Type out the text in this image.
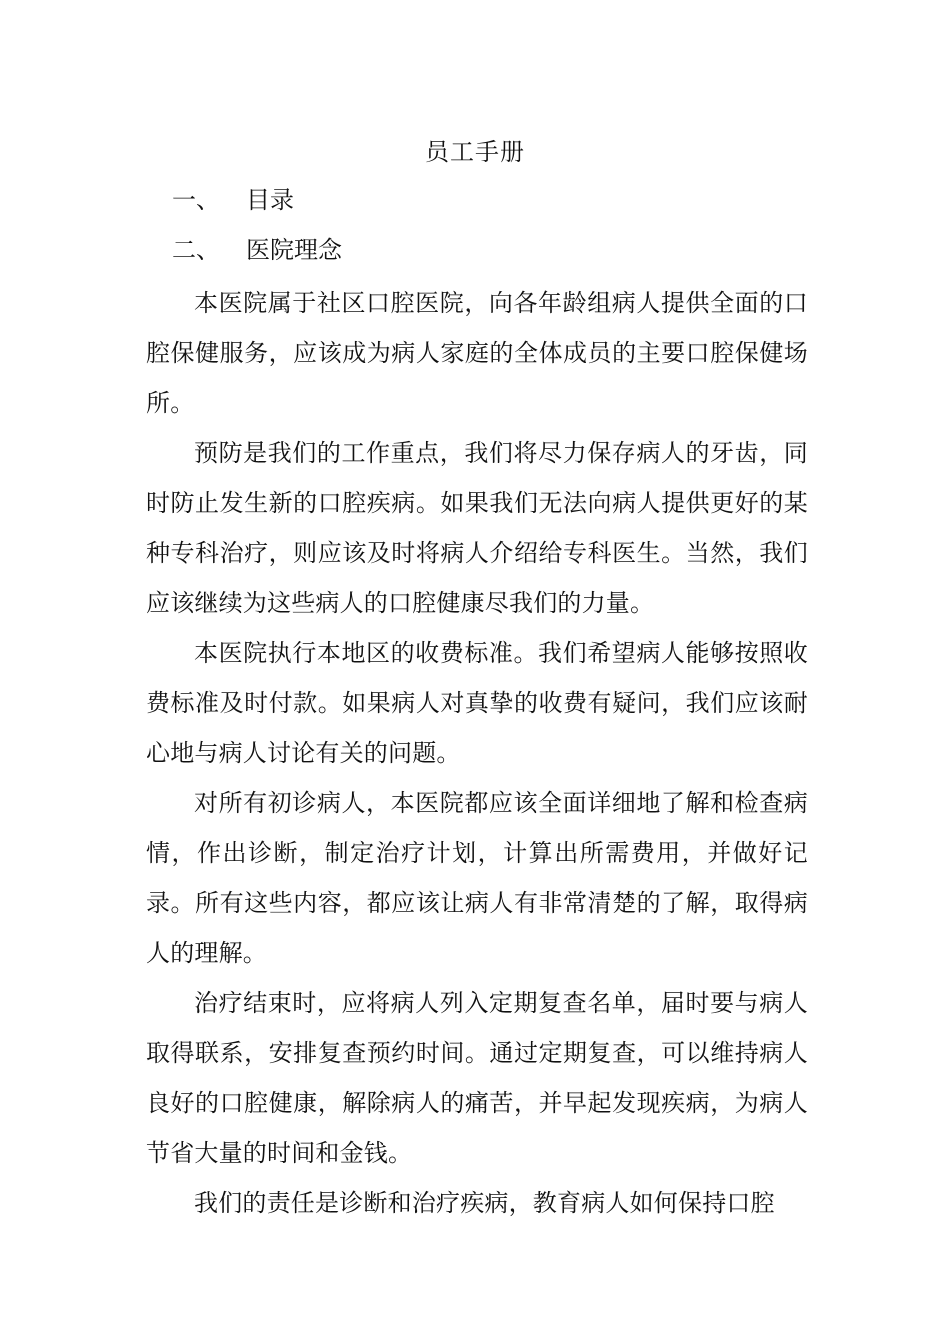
员工手册
一、 目录
二、 医院理念

本医院属于社区口腔医院，向各年龄组病人提供全面的口腔保健服务，应该成为病人家庭的全体成员的主要口腔保健场所。

预防是我们的工作重点，我们将尽力保存病人的牙齿，同时防止发生新的口腔疾病。如果我们无法向病人提供更好的某种专科治疗，则应该及时将病人介绍给专科医生。当然，我们应该继续为这些病人的口腔健康尽我们的力量。

本医院执行本地区的收费标准。我们希望病人能够按照收费标准及时付款。如果病人对真挚的收费有疑问，我们应该耐心地与病人讨论有关的问题。

对所有初诊病人，本医院都应该全面详细地了解和检查病情，作出诊断，制定治疗计划，计算出所需费用，并做好记录。所有这些内容，都应该让病人有非常清楚的了解，取得病人的理解。

治疗结束时，应将病人列入定期复查名单，届时要与病人取得联系，安排复查预约时间。通过定期复查，可以维持病人良好的口腔健康，解除病人的痛苦，并早起发现疾病，为病人节省大量的时间和金钱。

我们的责任是诊断和治疗疾病，教育病人如何保持口腔
